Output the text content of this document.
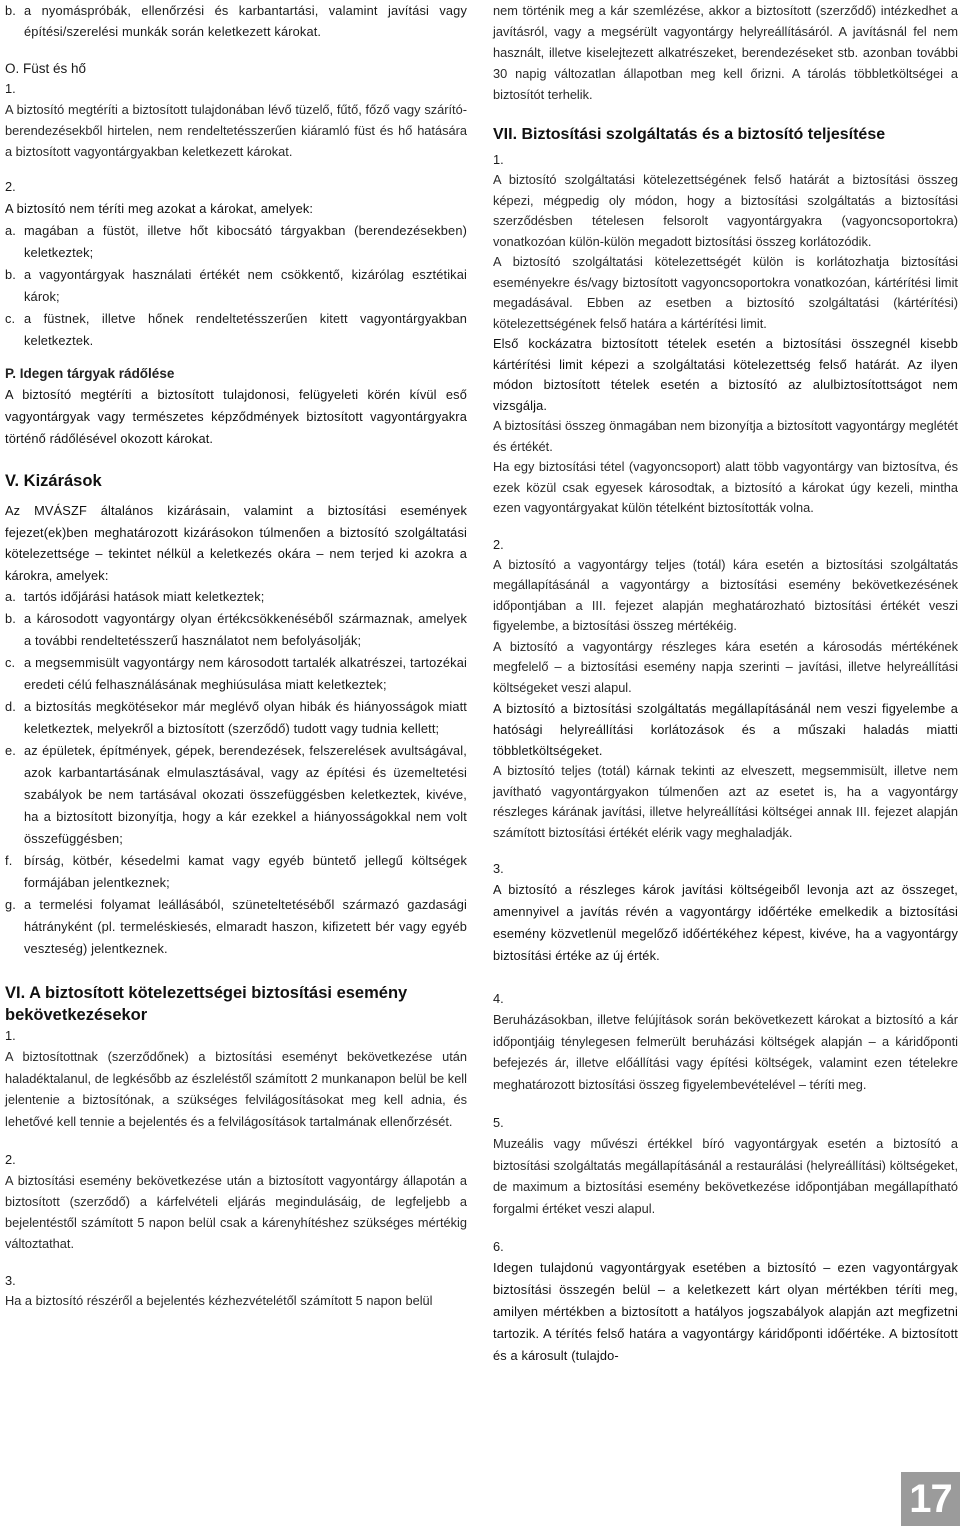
b. a nyomáspróbák, ellenőrzési és karbantartási, valamint javítási vagy építési/szerelési munkák során keletkezett károkat.
O. Füst és hő
1.
A biztosító megtéríti a biztosított tulajdonában lévő tüzelő, fűtő, főző vagy szárító-berendezésekből hirtelen, nem rendeltetésszerűen kiáramló füst és hő hatására a biztosított vagyontárgyakban keletkezett károkat.
2.
A biztosító nem téríti meg azokat a károkat, amelyek:
a. magában a füstöt, illetve hőt kibocsátó tárgyakban (berendezésekben) keletkeztek;
b. a vagyontárgyak használati értékét nem csökkentő, kizárólag esztétikai károk;
c. a füstnek, illetve hőnek rendeltetésszerűen kitett vagyontárgyakban keletkeztek.
P. Idegen tárgyak rádőlése
A biztosító megtéríti a biztosított tulajdonosi, felügyeleti körén kívül eső vagyontárgyak vagy természetes képződmények biztosított vagyontárgyakra történő rádőlésével okozott károkat.
V. Kizárások
Az MVÁSZF általános kizárásain, valamint a biztosítási események fejezet(ek)ben meghatározott kizárásokon túlmenően a biztosító szolgáltatási kötelezettsége – tekintet nélkül a keletkezés okára – nem terjed ki azokra a károkra, amelyek:
a. tartós időjárási hatások miatt keletkeztek;
b. a károsodott vagyontárgy olyan értékcsökkenéséből származnak, amelyek a további rendeltetésszerű használatot nem befolyásolják;
c. a megsemmisült vagyontárgy nem károsodott tartalék alkatrészei, tartozékai eredeti célú felhasználásának meghiúsulása miatt keletkeztek;
d. a biztosítás megkötésekor már meglévő olyan hibák és hiányosságok miatt keletkeztek, melyekről a biztosított (szerződő) tudott vagy tudnia kellett;
e. az épületek, építmények, gépek, berendezések, felszerelések avultságával, azok karbantartásának elmulasztásával, vagy az építési és üzemeltetési szabályok be nem tartásával okozati összefüggésben keletkeztek, kivéve, ha a biztosított bizonyítja, hogy a kár ezekkel a hiányosságokkal nem volt összefüggésben;
f. bírság, kötbér, késedelmi kamat vagy egyéb büntető jellegű költségek formájában jelentkeznek;
g. a termelési folyamat leállásából, szüneteltetéséből származó gazdasági hátrányként (pl. termeléskiesés, elmaradt haszon, kifizetett bér vagy egyéb veszteség) jelentkeznek.
VI. A biztosított kötelezettségei biztosítási esemény bekövetkezésekor
1.
A biztosítottnak (szerződőnek) a biztosítási eseményt bekövetkezése után haladéktalanul, de legkésőbb az észleléstől számított 2 munkanapon belül be kell jelentenie a biztosítónak, a szükséges felvilágosításokat meg kell adnia, és lehetővé kell tennie a bejelentés és a felvilágosítások tartalmának ellenőrzését.
2.
A biztosítási esemény bekövetkezése után a biztosított vagyontárgy állapotán a biztosított (szerződő) a kárfelvételi eljárás megindulásáig, de legfeljebb a bejelentéstől számított 5 napon belül csak a kárenyhítéshez szükséges mértékig változtathat.
3.
Ha a biztosító részéről a bejelentés kézhezvételétől számított 5 napon belül
nem történik meg a kár szemlézése, akkor a biztosított (szerződő) intézkedhet a javításról, vagy a megsérült vagyontárgy helyreállításáról. A javításnál fel nem használt, illetve kiselejtezett alkatrészeket, berendezéseket stb. azonban további 30 napig változatlan állapotban meg kell őrizni. A tárolás többletköltségei a biztosítót terhelik.
VII. Biztosítási szolgáltatás és a biztosító teljesítése
1.
A biztosító szolgáltatási kötelezettségének felső határát a biztosítási összeg képezi, mégpedig oly módon, hogy a biztosítási szolgáltatás a biztosítási szerződésben tételesen felsorolt vagyontárgyakra (vagyoncsoportokra) vonatkozóan külön-külön megadott biztosítási összeg korlátozódik.
A biztosító szolgáltatási kötelezettségét külön is korlátozhatja biztosítási eseményekre és/vagy biztosított vagyoncsoportokra vonatkozóan, kártérítési limit megadásával. Ebben az esetben a biztosító szolgáltatási (kártérítési) kötelezettségének felső határa a kártérítési limit.
Első kockázatra biztosított tételek esetén a biztosítási összegnél kisebb kártérítési limit képezi a szolgáltatási kötelezettség felső határát. Az ilyen módon biztosított tételek esetén a biztosító az alulbiztosítottságot nem vizsgálja.
A biztosítási összeg önmagában nem bizonyítja a biztosított vagyontárgy meglétét és értékét.
Ha egy biztosítási tétel (vagyoncsoport) alatt több vagyontárgy van biztosítva, és ezek közül csak egyesek károsodtak, a biztosító a károkat úgy kezeli, mintha ezen vagyontárgyakat külön tételként biztosították volna.
2.
A biztosító a vagyontárgy teljes (totál) kára esetén a biztosítási szolgáltatás megállapításánál a vagyontárgy a biztosítási esemény bekövetkezésének időpontjában a III. fejezet alapján meghatározható biztosítási értékét veszi figyelembe, a biztosítási összeg mértékéig.
A biztosító a vagyontárgy részleges kára esetén a károsodás mértékének megfelelő – a biztosítási esemény napja szerinti – javítási, illetve helyreállítási költségeket veszi alapul.
A biztosító a biztosítási szolgáltatás megállapításánál nem veszi figyelembe a hatósági helyreállítási korlátozások és a műszaki haladás miatti többletköltségeket.
A biztosító teljes (totál) kárnak tekinti az elveszett, megsemmisült, illetve nem javítható vagyontárgyakon túlmenően azt az esetet is, ha a vagyontárgy részleges kárának javítási, illetve helyreállítási költségei annak III. fejezet alapján számított biztosítási értékét elérik vagy meghaladják.
3.
A biztosító a részleges károk javítási költségeiből levonja azt az összeget, amennyivel a javítás révén a vagyontárgy időértéke emelkedik a biztosítási esemény közvetlenül megelőző időértékéhez képest, kivéve, ha a vagyontárgy biztosítási értéke az új érték.
4.
Beruházásokban, illetve felújítások során bekövetkezett károkat a biztosító a kár időpontjáig ténylegesen felmerült beruházási költségek alapján – a káridőponti befejezés ár, illetve előállítási vagy építési költségek, valamint ezen tételekre meghatározott biztosítási összeg figyelembevételével – téríti meg.
5.
Muzeális vagy művészi értékkel bíró vagyontárgyak esetén a biztosító a biztosítási szolgáltatás megállapításánál a restaurálási (helyreállítási) költségeket, de maximum a biztosítási esemény bekövetkezése időpontjában megállapítható forgalmi értéket veszi alapul.
6.
Idegen tulajdonú vagyontárgyak esetében a biztosító – ezen vagyontárgyak biztosítási összegén belül – a keletkezett kárt olyan mértékben téríti meg, amilyen mértékben a biztosított a hatályos jogszabályok alapján azt megfizetni tartozik. A térítés felső határa a vagyontárgy káridőponti időértéke. A biztosított és a károsult (tulajdo-
17
